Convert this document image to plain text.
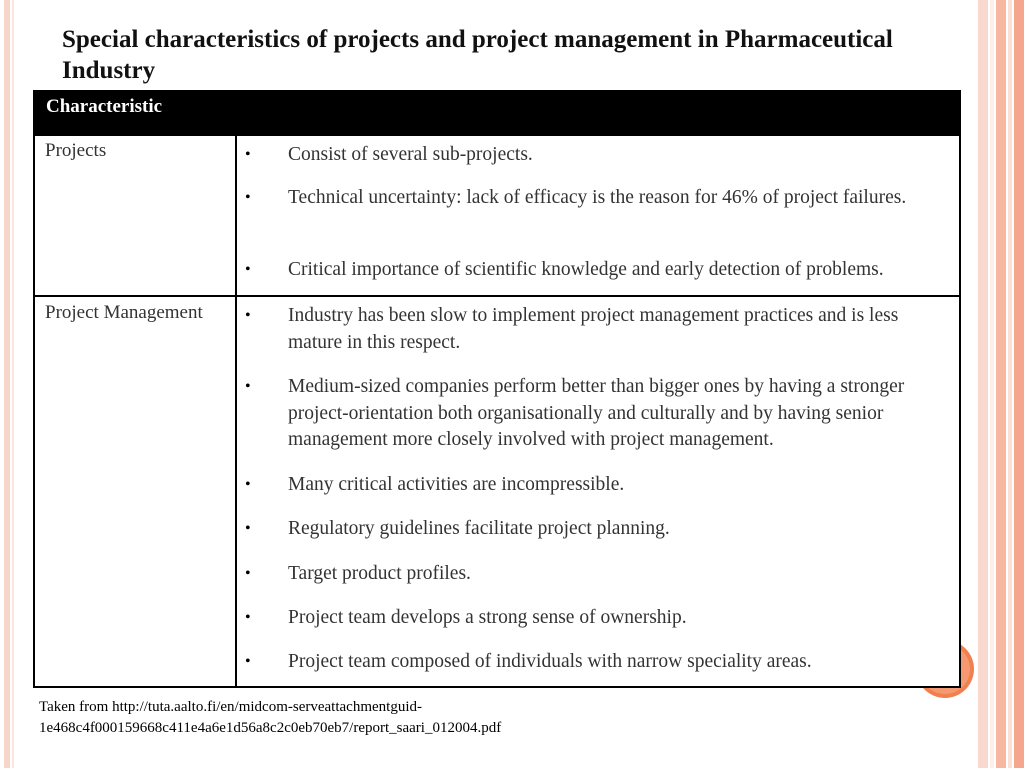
Special characteristics of projects and project management in Pharmaceutical Industry
Characteristic
Projects	• Consist of several sub-projects.
• Technical uncertainty: lack of efficacy is the reason for 46% of project failures.
• Critical importance of scientific knowledge and early detection of problems.
Project Management	• Industry has been slow to implement project management practices and is less mature in this respect.
• Medium-sized companies perform better than bigger ones by having a stronger project-orientation both organisationally and culturally and by having senior management more closely involved with project management.
• Many critical activities are incompressible.
• Regulatory guidelines facilitate project planning.
• Target product profiles.
• Project team develops a strong sense of ownership.
• Project team composed of individuals with narrow speciality areas.
Taken from http://tuta.aalto.fi/en/midcom-serveattachmentguid-
1e468c4f000159668c411e4a6e1d56a8c2c0eb70eb7/report_saari_012004.pdf
